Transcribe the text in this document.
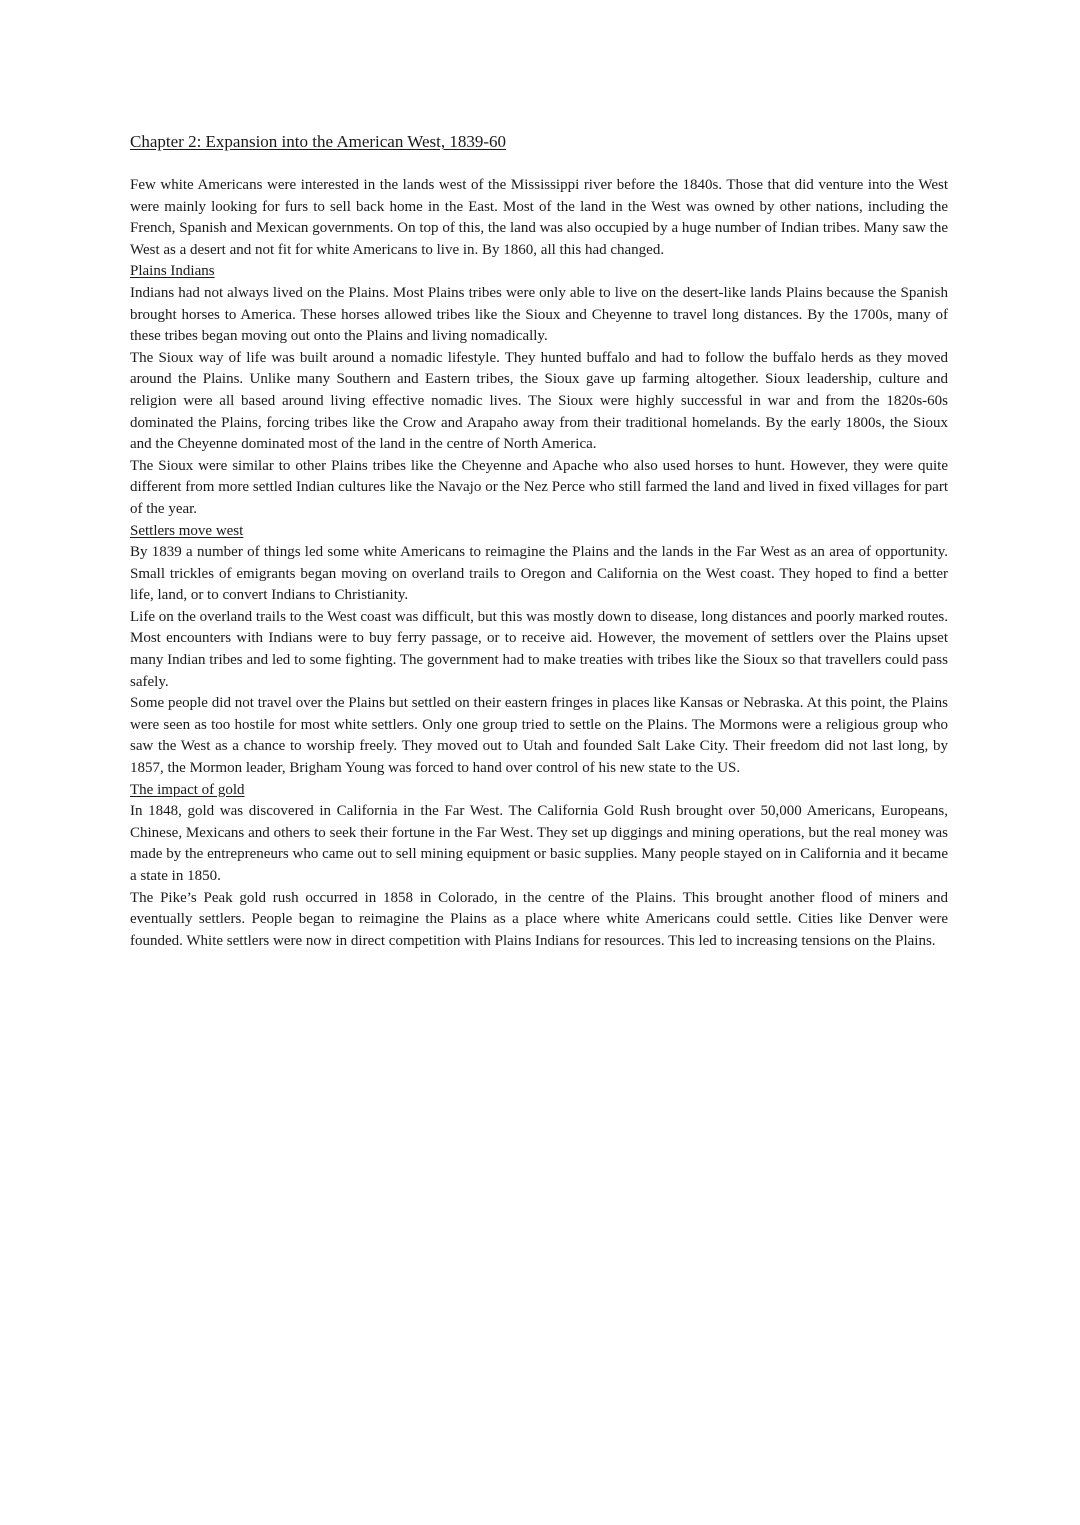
Chapter 2: Expansion into the American West, 1839-60

Few white Americans were interested in the lands west of the Mississippi river before the 1840s. Those that did venture into the West were mainly looking for furs to sell back home in the East. Most of the land in the West was owned by other nations, including the French, Spanish and Mexican governments. On top of this, the land was also occupied by a huge number of Indian tribes. Many saw the West as a desert and not fit for white Americans to live in. By 1860, all this had changed.

Plains Indians

Indians had not always lived on the Plains. Most Plains tribes were only able to live on the desert-like lands Plains because the Spanish brought horses to America. These horses allowed tribes like the Sioux and Cheyenne to travel long distances. By the 1700s, many of these tribes began moving out onto the Plains and living nomadically.

The Sioux way of life was built around a nomadic lifestyle. They hunted buffalo and had to follow the buffalo herds as they moved around the Plains. Unlike many Southern and Eastern tribes, the Sioux gave up farming altogether. Sioux leadership, culture and religion were all based around living effective nomadic lives. The Sioux were highly successful in war and from the 1820s-60s dominated the Plains, forcing tribes like the Crow and Arapaho away from their traditional homelands. By the early 1800s, the Sioux and the Cheyenne dominated most of the land in the centre of North America.

The Sioux were similar to other Plains tribes like the Cheyenne and Apache who also used horses to hunt. However, they were quite different from more settled Indian cultures like the Navajo or the Nez Perce who still farmed the land and lived in fixed villages for part of the year.

Settlers move west

By 1839 a number of things led some white Americans to reimagine the Plains and the lands in the Far West as an area of opportunity. Small trickles of emigrants began moving on overland trails to Oregon and California on the West coast. They hoped to find a better life, land, or to convert Indians to Christianity.

Life on the overland trails to the West coast was difficult, but this was mostly down to disease, long distances and poorly marked routes. Most encounters with Indians were to buy ferry passage, or to receive aid. However, the movement of settlers over the Plains upset many Indian tribes and led to some fighting. The government had to make treaties with tribes like the Sioux so that travellers could pass safely.

Some people did not travel over the Plains but settled on their eastern fringes in places like Kansas or Nebraska. At this point, the Plains were seen as too hostile for most white settlers. Only one group tried to settle on the Plains. The Mormons were a religious group who saw the West as a chance to worship freely. They moved out to Utah and founded Salt Lake City. Their freedom did not last long, by 1857, the Mormon leader, Brigham Young was forced to hand over control of his new state to the US.

The impact of gold

In 1848, gold was discovered in California in the Far West. The California Gold Rush brought over 50,000 Americans, Europeans, Chinese, Mexicans and others to seek their fortune in the Far West. They set up diggings and mining operations, but the real money was made by the entrepreneurs who came out to sell mining equipment or basic supplies. Many people stayed on in California and it became a state in 1850.

The Pike’s Peak gold rush occurred in 1858 in Colorado, in the centre of the Plains. This brought another flood of miners and eventually settlers. People began to reimagine the Plains as a place where white Americans could settle. Cities like Denver were founded. White settlers were now in direct competition with Plains Indians for resources. This led to increasing tensions on the Plains.
